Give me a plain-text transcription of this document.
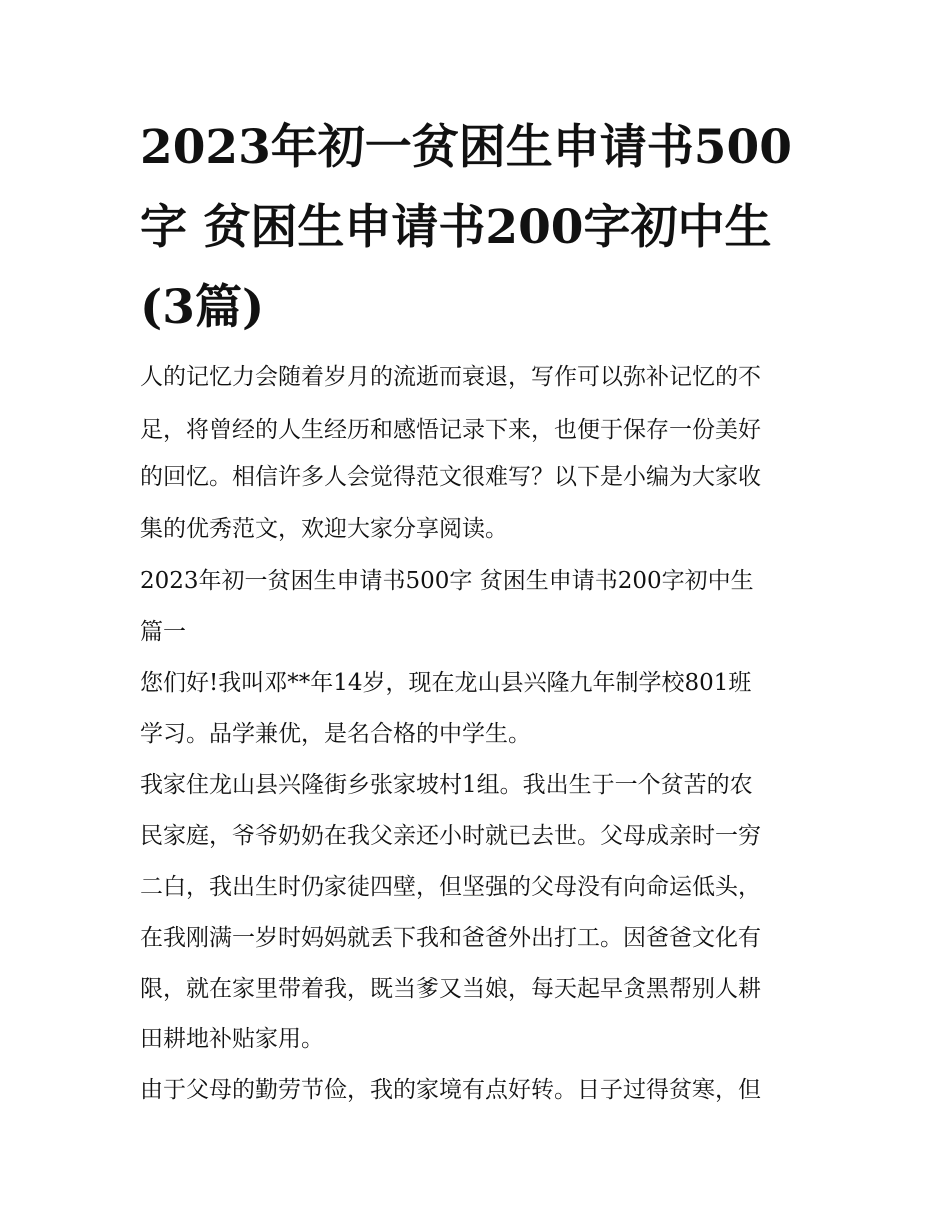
2023年初一贫困生申请书500
字 贫困生申请书200字初中生
(3篇)
人的记忆力会随着岁月的流逝而衰退，写作可以弥补记忆的不
足，将曾经的人生经历和感悟记录下来，也便于保存一份美好
的回忆。相信许多人会觉得范文很难写？以下是小编为大家收
集的优秀范文，欢迎大家分享阅读。
2023年初一贫困生申请书500字 贫困生申请书200字初中生
篇一
您们好!我叫邓**年14岁，现在龙山县兴隆九年制学校801班
学习。品学兼优，是名合格的中学生。
我家住龙山县兴隆街乡张家坡村1组。我出生于一个贫苦的农
民家庭，爷爷奶奶在我父亲还小时就已去世。父母成亲时一穷
二白，我出生时仍家徒四壁，但坚强的父母没有向命运低头，
在我刚满一岁时妈妈就丢下我和爸爸外出打工。因爸爸文化有
限，就在家里带着我，既当爹又当娘，每天起早贪黑帮别人耕
田耕地补贴家用。
由于父母的勤劳节俭，我的家境有点好转。日子过得贫寒，但
